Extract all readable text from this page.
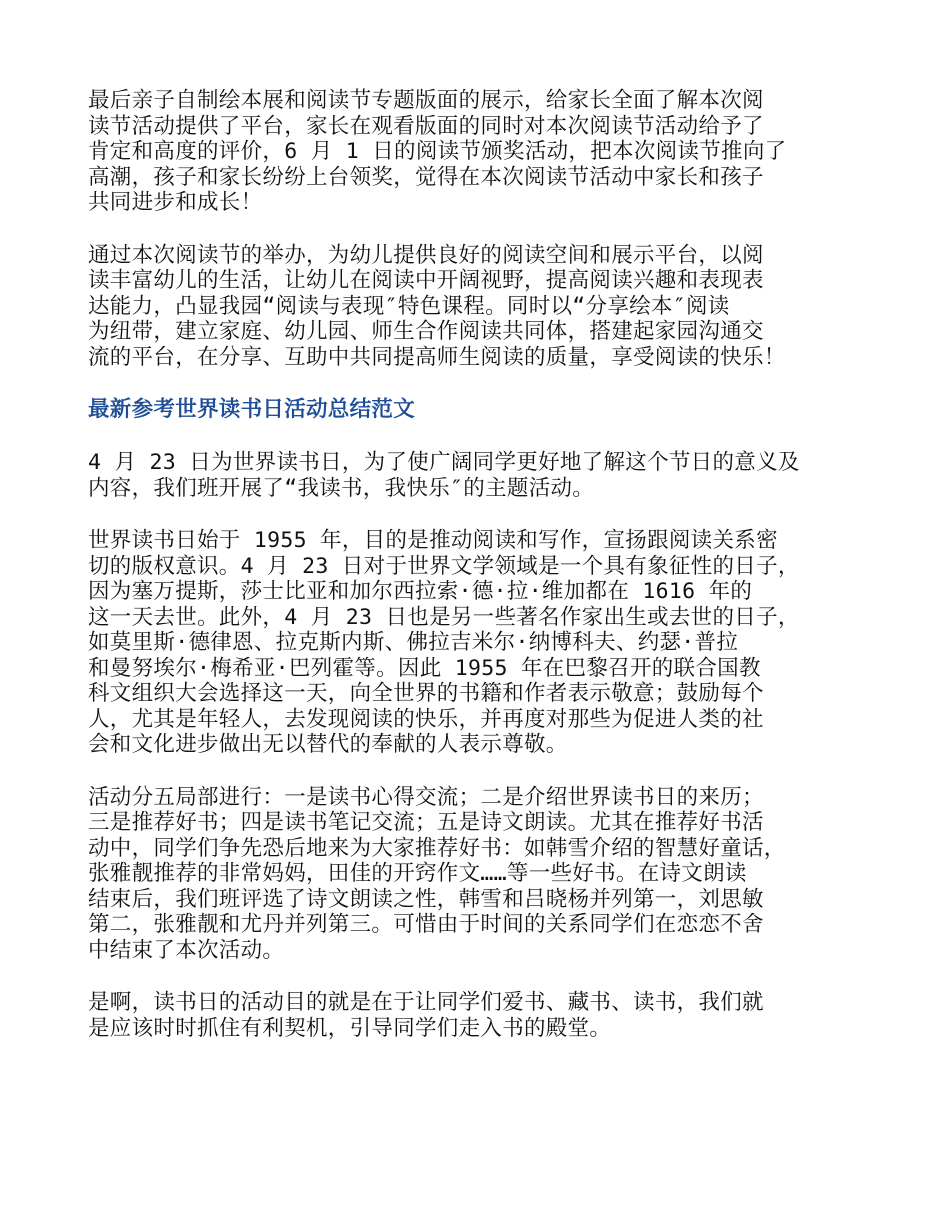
最后亲子自制绘本展和阅读节专题版面的展示，给家长全面了解本次阅
读节活动提供了平台，家长在观看版面的同时对本次阅读节活动给予了
肯定和高度的评价，6 月 1 日的阅读节颁奖活动，把本次阅读节推向了
高潮，孩子和家长纷纷上台领奖，觉得在本次阅读节活动中家长和孩子
共同进步和成长！
通过本次阅读节的举办，为幼儿提供良好的阅读空间和展示平台，以阅
读丰富幼儿的生活，让幼儿在阅读中开阔视野，提高阅读兴趣和表现表
达能力，凸显我园“阅读与表现″特色课程。同时以“分享绘本″阅读
为纽带，建立家庭、幼儿园、师生合作阅读共同体，搭建起家园沟通交
流的平台，在分享、互助中共同提高师生阅读的质量，享受阅读的快乐！
最新参考世界读书日活动总结范文
4 月 23 日为世界读书日，为了使广阔同学更好地了解这个节日的意义及
内容，我们班开展了“我读书，我快乐″的主题活动。
世界读书日始于 1955 年，目的是推动阅读和写作，宣扬跟阅读关系密
切的版权意识。4 月 23 日对于世界文学领域是一个具有象征性的日子，
因为塞万提斯，莎士比亚和加尔西拉索·德·拉·维加都在 1616 年的
这一天去世。此外，4 月 23 日也是另一些著名作家出生或去世的日子，
如莫里斯·德律恩、拉克斯内斯、佛拉吉米尔·纳博科夫、约瑟·普拉
和曼努埃尔·梅希亚·巴列霍等。因此 1955 年在巴黎召开的联合国教
科文组织大会选择这一天，向全世界的书籍和作者表示敬意；鼓励每个
人，尤其是年轻人，去发现阅读的快乐，并再度对那些为促进人类的社
会和文化进步做出无以替代的奉献的人表示尊敬。
活动分五局部进行：一是读书心得交流；二是介绍世界读书日的来历；
三是推荐好书；四是读书笔记交流；五是诗文朗读。尤其在推荐好书活
动中，同学们争先恐后地来为大家推荐好书：如韩雪介绍的智慧好童话，
张雅靓推荐的非常妈妈，田佳的开窍作文……等一些好书。在诗文朗读
结束后，我们班评选了诗文朗读之性，韩雪和吕晓杨并列第一，刘思敏
第二，张雅靓和尤丹并列第三。可惜由于时间的关系同学们在恋恋不舍
中结束了本次活动。
是啊，读书日的活动目的就是在于让同学们爱书、藏书、读书，我们就
是应该时时抓住有利契机，引导同学们走入书的殿堂。
